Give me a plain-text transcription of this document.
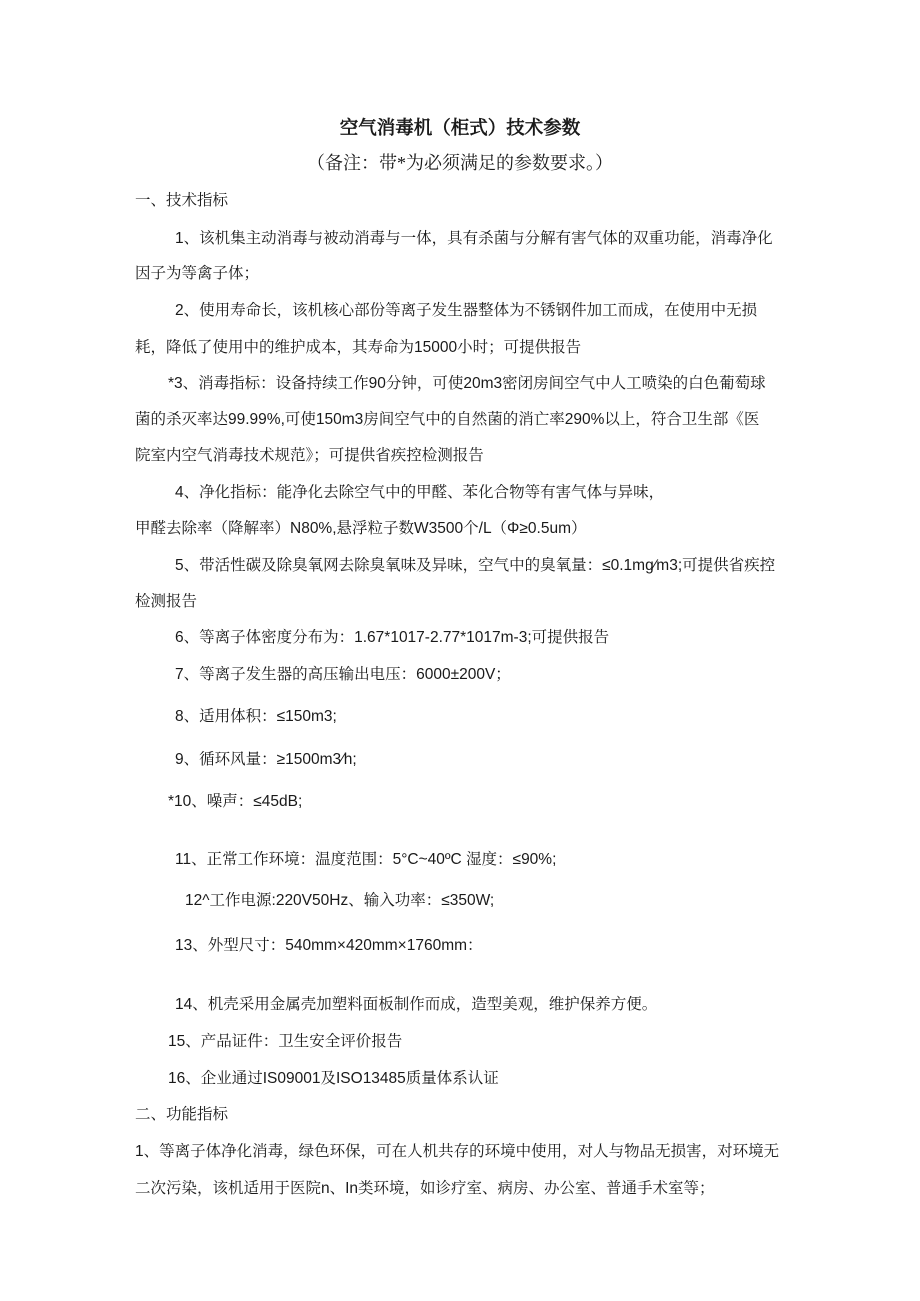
空气消毒机（柜式）技术参数
（备注：带*为必须满足的参数要求。）
一、技术指标
1、该机集主动消毒与被动消毒与一体，具有杀菌与分解有害气体的双重功能，消毒净化
因子为等禽子体；
2、使用寿命长，该机核心部份等离子发生器整体为不锈钢件加工而成，在使用中无损
耗，降低了使用中的维护成本，其寿命为15000小时；可提供报告
*3、消毒指标：设备持续工作90分钟，可使20m3密闭房间空气中人工喷染的白色葡萄球
菌的杀灭率达99.99%,可使150m3房间空气中的自然菌的消亡率290%以上，符合卫生部《医
院室内空气消毒技术规范》；可提供省疾控检测报告
4、净化指标：能净化去除空气中的甲醛、苯化合物等有害气体与异味，
甲醛去除率（降解率）N80%,悬浮粒子数W3500个/L（Φ≥0.5um）
5、带活性碳及除臭氧网去除臭氧味及异味，空气中的臭氧量：≤0.1mg∕m3;可提供省疾控
检测报告
6、等离子体密度分布为：1.67*1017-2.77*1017m-3;可提供报告
7、等离子发生器的高压输出电压：6000±200V；
8、适用体积：≤150m3;
9、循环风量：≥1500m3∕h;
*10、噪声：≤45dB;
11、正常工作环境：温度范围：5°C~40ºC 湿度：≤90%;
12^工作电源:220V50Hz、输入功率：≤350W;
13、外型尺寸：540mm×420mm×1760mm：
14、机壳采用金属壳加塑料面板制作而成，造型美观，维护保养方便。
15、产品证件：卫生安全评价报告
16、企业通过IS09001及ISO13485质量体系认证
二、功能指标
1、等离子体净化消毒，绿色环保，可在人机共存的环境中使用，对人与物品无损害，对环境无
二次污染，该机适用于医院n、In类环境，如诊疗室、病房、办公室、普通手术室等；
